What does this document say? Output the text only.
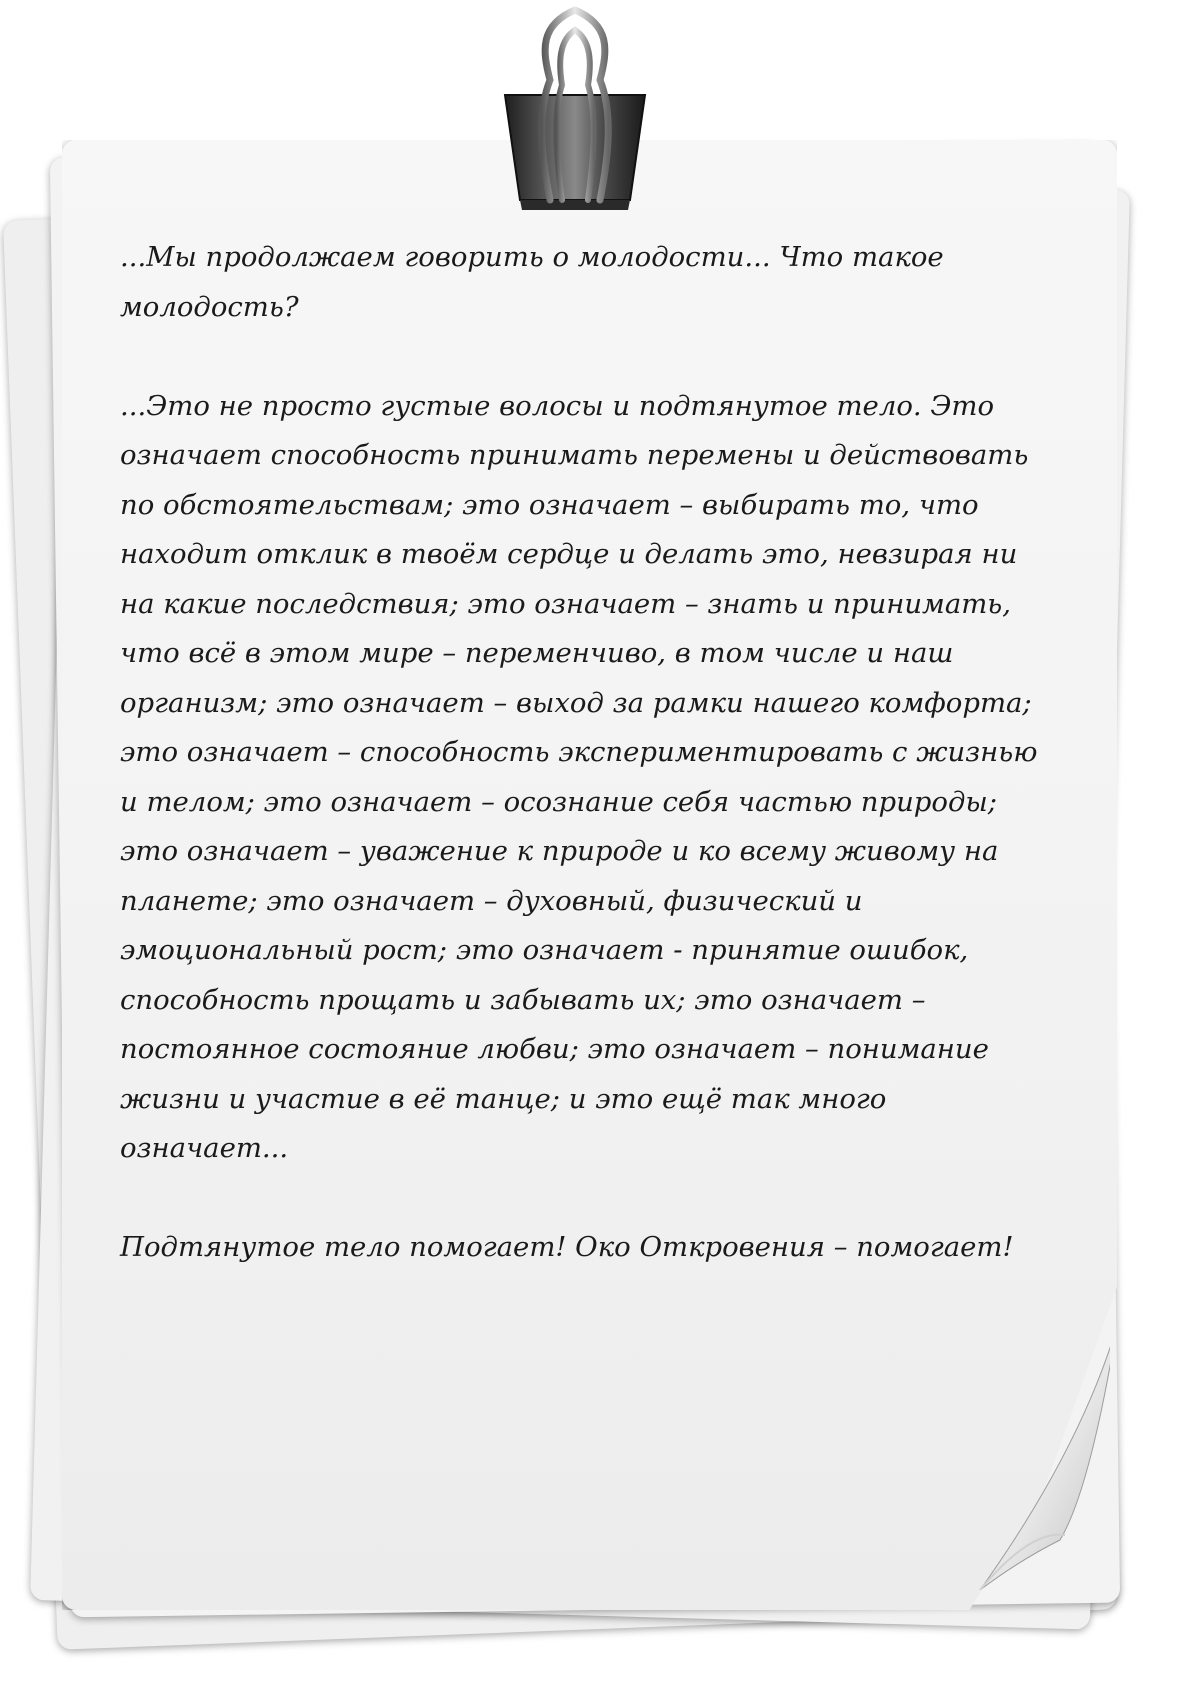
...Мы продолжаем говорить о молодости... Что такое молодость?

...Это не просто густые волосы и подтянутое тело. Это означает способность принимать перемены и действовать по обстоятельствам; это означает – выбирать то, что находит отклик в твоём сердце и делать это, невзирая ни на какие последствия; это означает – знать и принимать, что всё в этом мире – переменчиво, в том числе и наш организм; это означает – выход за рамки нашего комфорта; это означает – способность экспериментировать с жизнью и телом; это означает – осознание себя частью природы; это означает – уважение к природе и ко всему живому на планете; это означает – духовный, физический и эмоциональный рост; это означает - принятие ошибок, способность прощать и забывать их; это означает – постоянное состояние любви; это означает – понимание жизни и участие в её танце; и это ещё так много означает...

Подтянутое тело помогает! Око Откровения – помогает!
